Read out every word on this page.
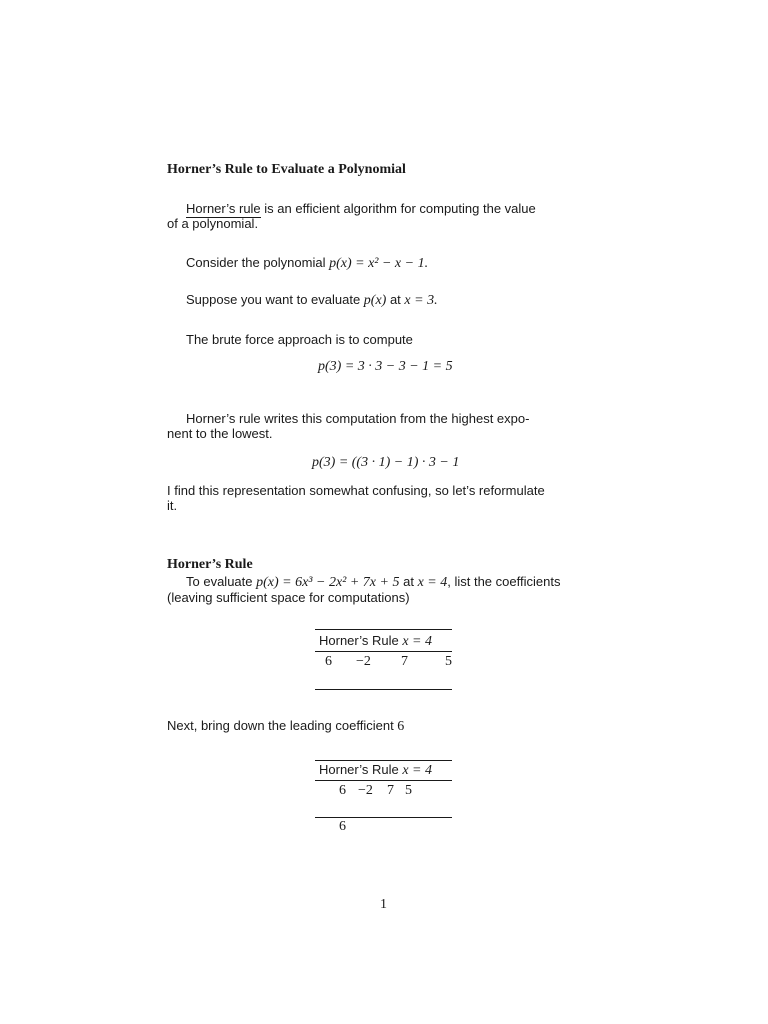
Horner’s Rule to Evaluate a Polynomial
Horner’s rule is an efficient algorithm for computing the value
of a polynomial.
Consider the polynomial p(x) = x² − x − 1.
Suppose you want to evaluate p(x) at x = 3.
The brute force approach is to compute
p(3) = 3 · 3 − 3 − 1 = 5
Horner’s rule writes this computation from the highest expo-
nent to the lowest.
p(3) = ((3 · 1) − 1) · 3 − 1
I find this representation somewhat confusing, so let’s reformulate
it.
Horner’s Rule
To evaluate p(x) = 6x³ − 2x² + 7x + 5 at x = 4, list the coefficients
(leaving sufficient space for computations)
Horner’s Rule x = 4
6 −2 7	5
Next, bring down the leading coefficient 6
Horner’s Rule x = 4
6 −2 7 5
6
1
